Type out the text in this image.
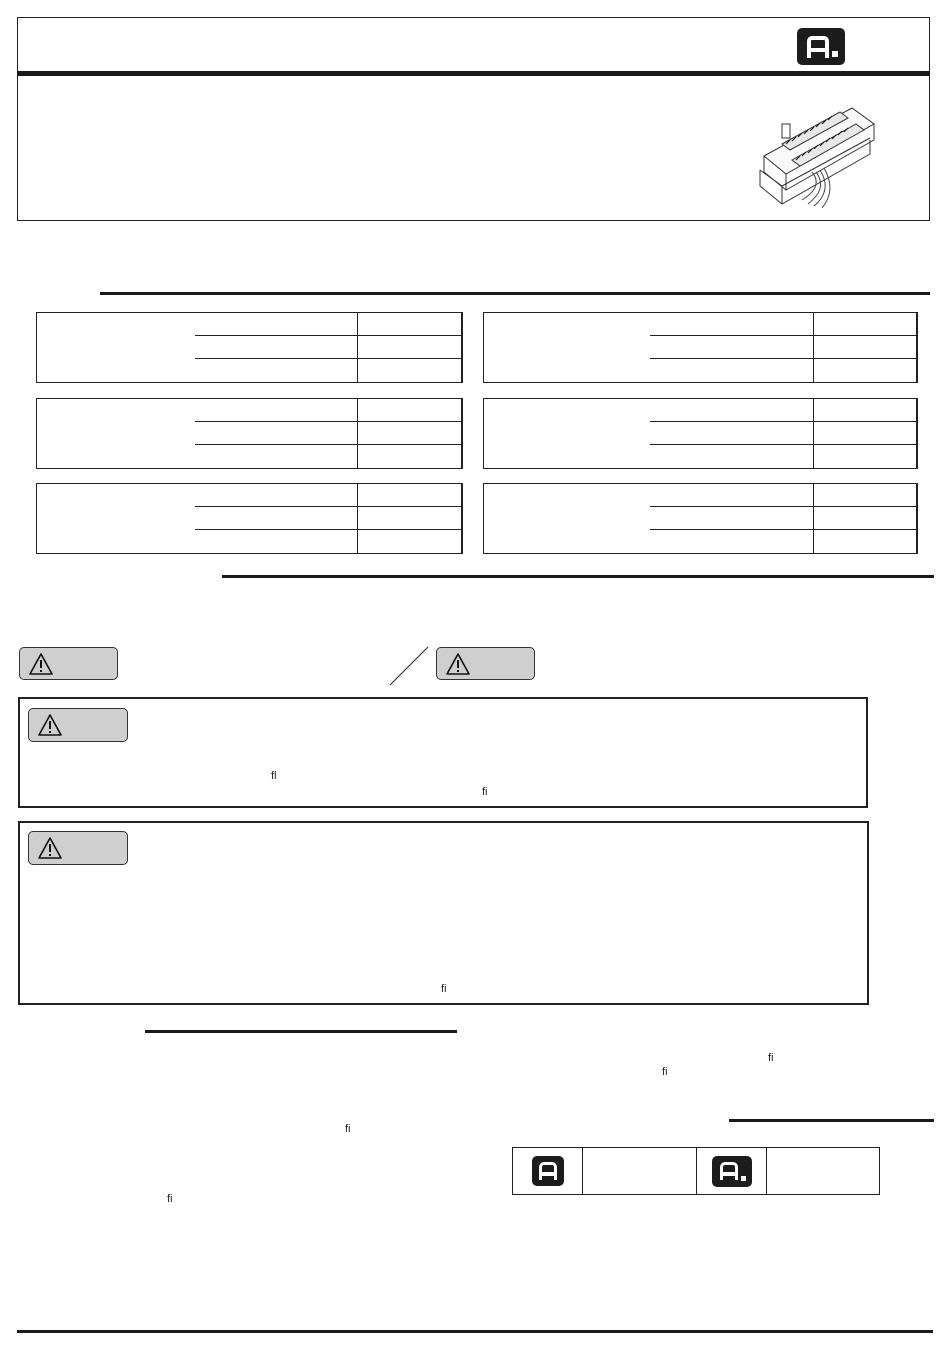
ﬂ
ﬁ
ﬁ
ﬁ
ﬁ
ﬁ
ﬁ
